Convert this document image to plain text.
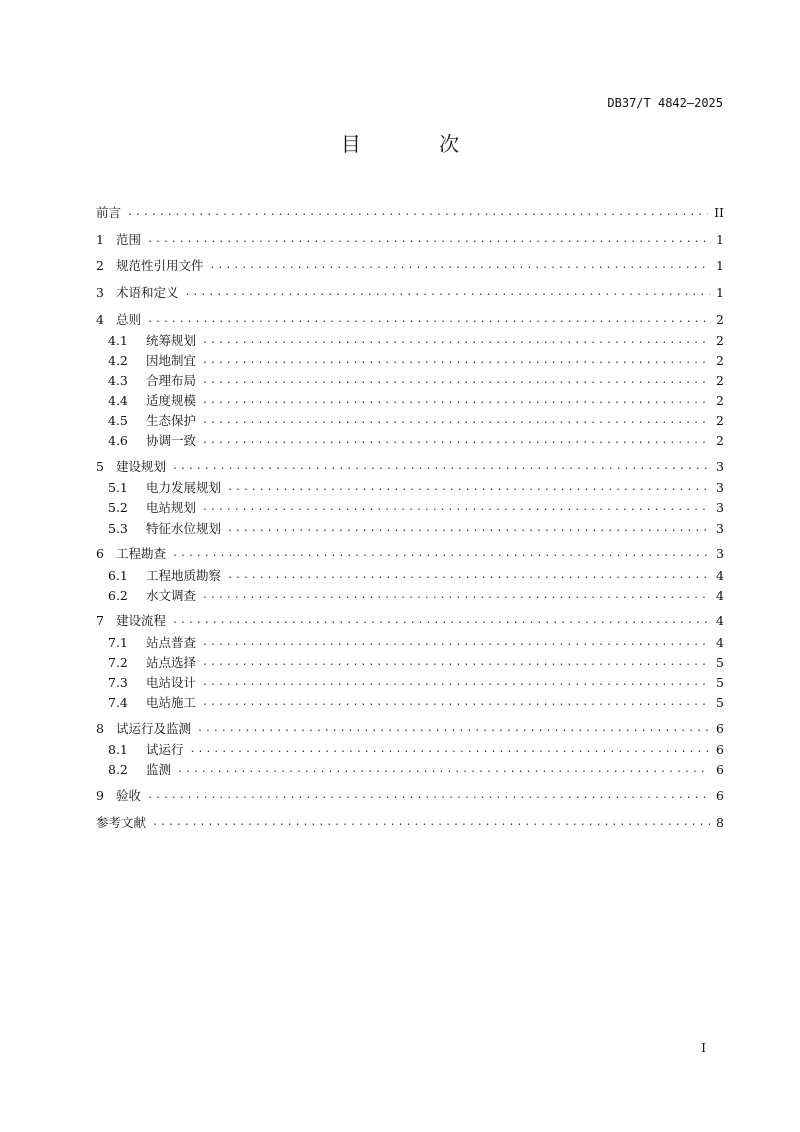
DB37/T 4842—2025
目 次
前言 .....	II
1 范围 .....	1
2 规范性引用文件 .....	1
3 术语和定义 .....	1
4 总则 .....	2
4.1	统筹规划 .....	2
4.2	因地制宜 .....	2
4.3	合理布局 .....	2
4.4	适度规模 .....	2
4.5	生态保护 .....	2
4.6	协调一致 .....	2
5 建设规划 .....	3
5.1	电力发展规划 .....	3
5.2	电站规划 .....	3
5.3	特征水位规划 .....	3
6 工程勘查 .....	3
6.1	工程地质勘察 .....	4
6.2	水文调查 .....	4
7 建设流程 .....	4
7.1	站点普查 .....	4
7.2	站点选择 .....	5
7.3	电站设计 .....	5
7.4	电站施工 .....	5
8 试运行及监测 .....	6
8.1	试运行 .....	6
8.2	监测 .....	6
9 验收 .....	6
参考文献 .....	8
I
